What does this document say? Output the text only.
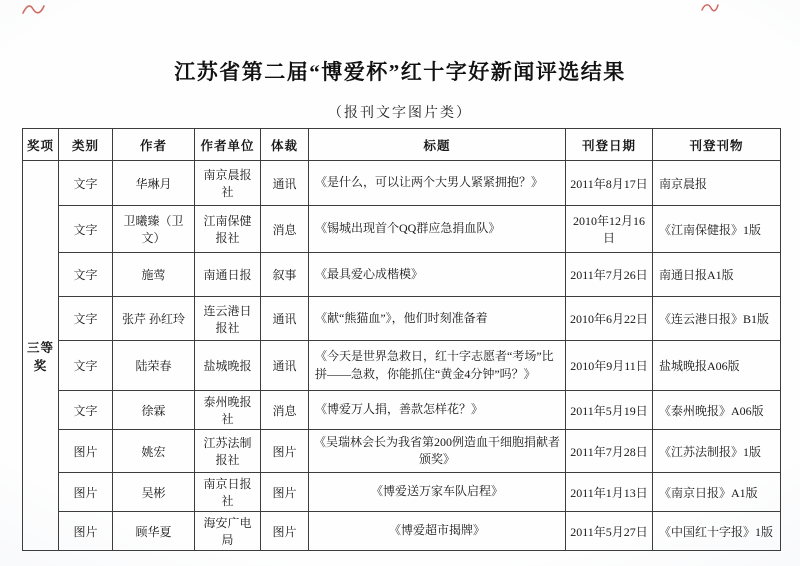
江苏省第二届“博爱杯”红十字好新闻评选结果
（报刊文字图片类）
奖项	类别	作者	作者单位	体裁	标题	刊登日期	刊登刊物
三等奖	文字	华琳月	南京晨报社	通讯	《是什么，可以让两个大男人紧紧拥抱？》	2011年8月17日	南京晨报
	文字	卫曦臻（卫文）	江南保健报社	消息	《锡城出现首个QQ群应急捐血队》	2010年12月16日	《江南保健报》1版
	文字	施莺	南通日报	叙事	《最具爱心成楷模》	2011年7月26日	南通日报A1版
	文字	张芹 孙红玲	连云港日报社	通讯	《献“熊猫血”》，他们时刻准备着	2010年6月22日	《连云港日报》B1版
	文字	陆荣春	盐城晚报	通讯	《今天是世界急救日，红十字志愿者“考场”比拼——急救，你能抓住“黄金4分钟”吗？》	2010年9月11日	盐城晚报A06版
	文字	徐霖	泰州晚报社	消息	《博爱万人捐，善款怎样花？》	2011年5月19日	《泰州晚报》A06版
	图片	姚宏	江苏法制报社	图片	《吴瑞林会长为我省第200例造血干细胞捐献者颁奖》	2011年7月28日	《江苏法制报》1版
	图片	吴彬	南京日报社	图片	《博爱送万家车队启程》	2011年1月13日	《南京日报》A1版
	图片	顾华夏	海安广电局	图片	《博爱超市揭牌》	2011年5月27日	《中国红十字报》1版
